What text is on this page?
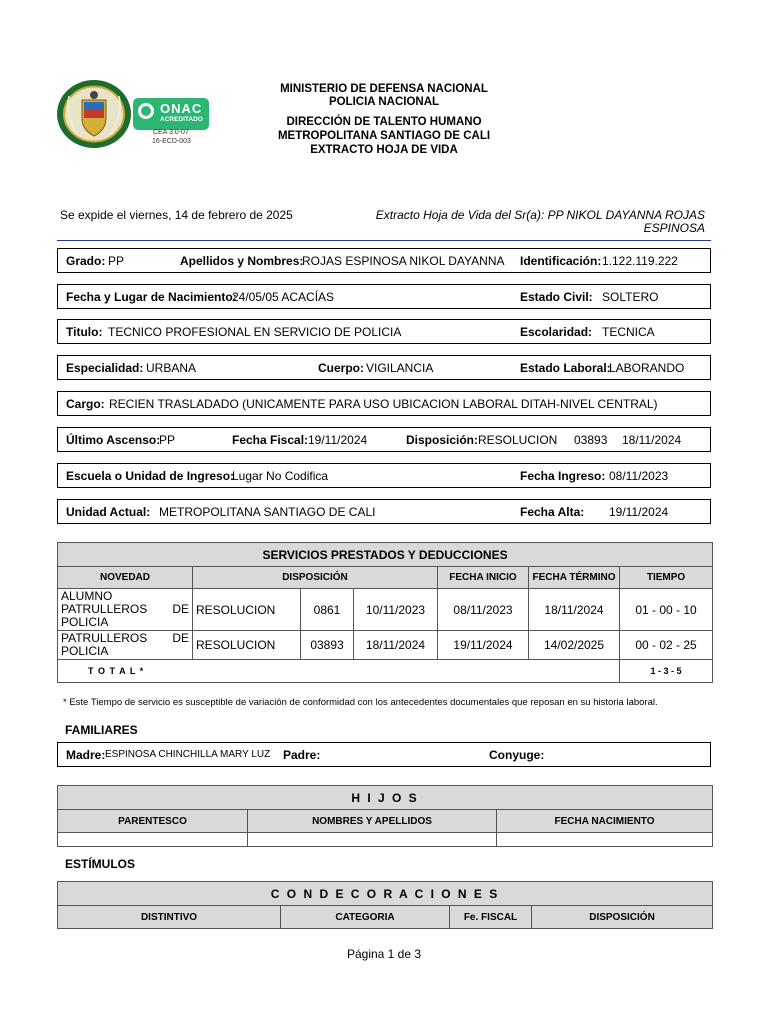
ONAC
ACREDITADO
CEA 3.0-07
16-ECD-003
MINISTERIO DE DEFENSA NACIONAL
POLICIA NACIONAL
DIRECCIÓN DE TALENTO HUMANO
METROPOLITANA SANTIAGO DE CALI
EXTRACTO HOJA DE VIDA
Se expide el viernes, 14 de febrero de 2025	Extracto Hoja de Vida del Sr(a): PP NIKOL DAYANNA ROJAS
ESPINOSA
Grado: PP	Apellidos y Nombres:
ROJAS ESPINOSA NIKOL DAYANNA Identificación: 1.122.119.222
Fecha y Lugar de Nacimiento:
24/05/05 ACACÍAS	Estado Civil: SOLTERO
Titulo: TECNICO PROFESIONAL EN SERVICIO DE POLICIA	Escolaridad: TECNICA
Especialidad: URBANA	Cuerpo: VIGILANCIA	Estado Laboral:
LABORANDO
Cargo: RECIEN TRASLADADO (UNICAMENTE PARA USO UBICACION LABORAL DITAH-NIVEL CENTRAL)
Último Ascenso:
PP	Fecha Fiscal: 19/11/2024	Disposición: RESOLUCION 03893 18/11/2024
Escuela o Unidad de Ingreso:
Lugar No Codifica	Fecha Ingreso: 08/11/2023
Unidad Actual: METROPOLITANA SANTIAGO DE CALI	Fecha Alta: 19/11/2024
SERVICIOS PRESTADOS Y DEDUCCIONES						
NOVEDAD	DISPOSICIÓN			FECHA INICIO	FECHA TÉRMINO	TIEMPO

ALUMNO
PATRULLEROS DE
POLICIA	RESOLUCION	0861	10/11/2023	08/11/2023	18/11/2024	01 - 00 - 10

PATRULLEROS DE
POLICIA	RESOLUCION	03893	18/11/2024	19/11/2024	14/02/2025	00 - 02 - 25
T O T A L *						1 - 3 - 5
* Este Tiempo de servicio es susceptible de variación de conformidad con los antecedentes documentales que reposan en su historia laboral.
FAMILIARES
Madre: ESPINOSA CHINCHILLA MARY LUZ Padre:	Conyuge:
H I J O S		
PARENTESCO	NOMBRES Y APELLIDOS	FECHA NACIMIENTO

ESTÍMULOS
C O N D E C O R A C I O N E S
DISTINTIVO	CATEGORIA	Fe. FISCAL	DISPOSICIÓN
Página 1 de 3
